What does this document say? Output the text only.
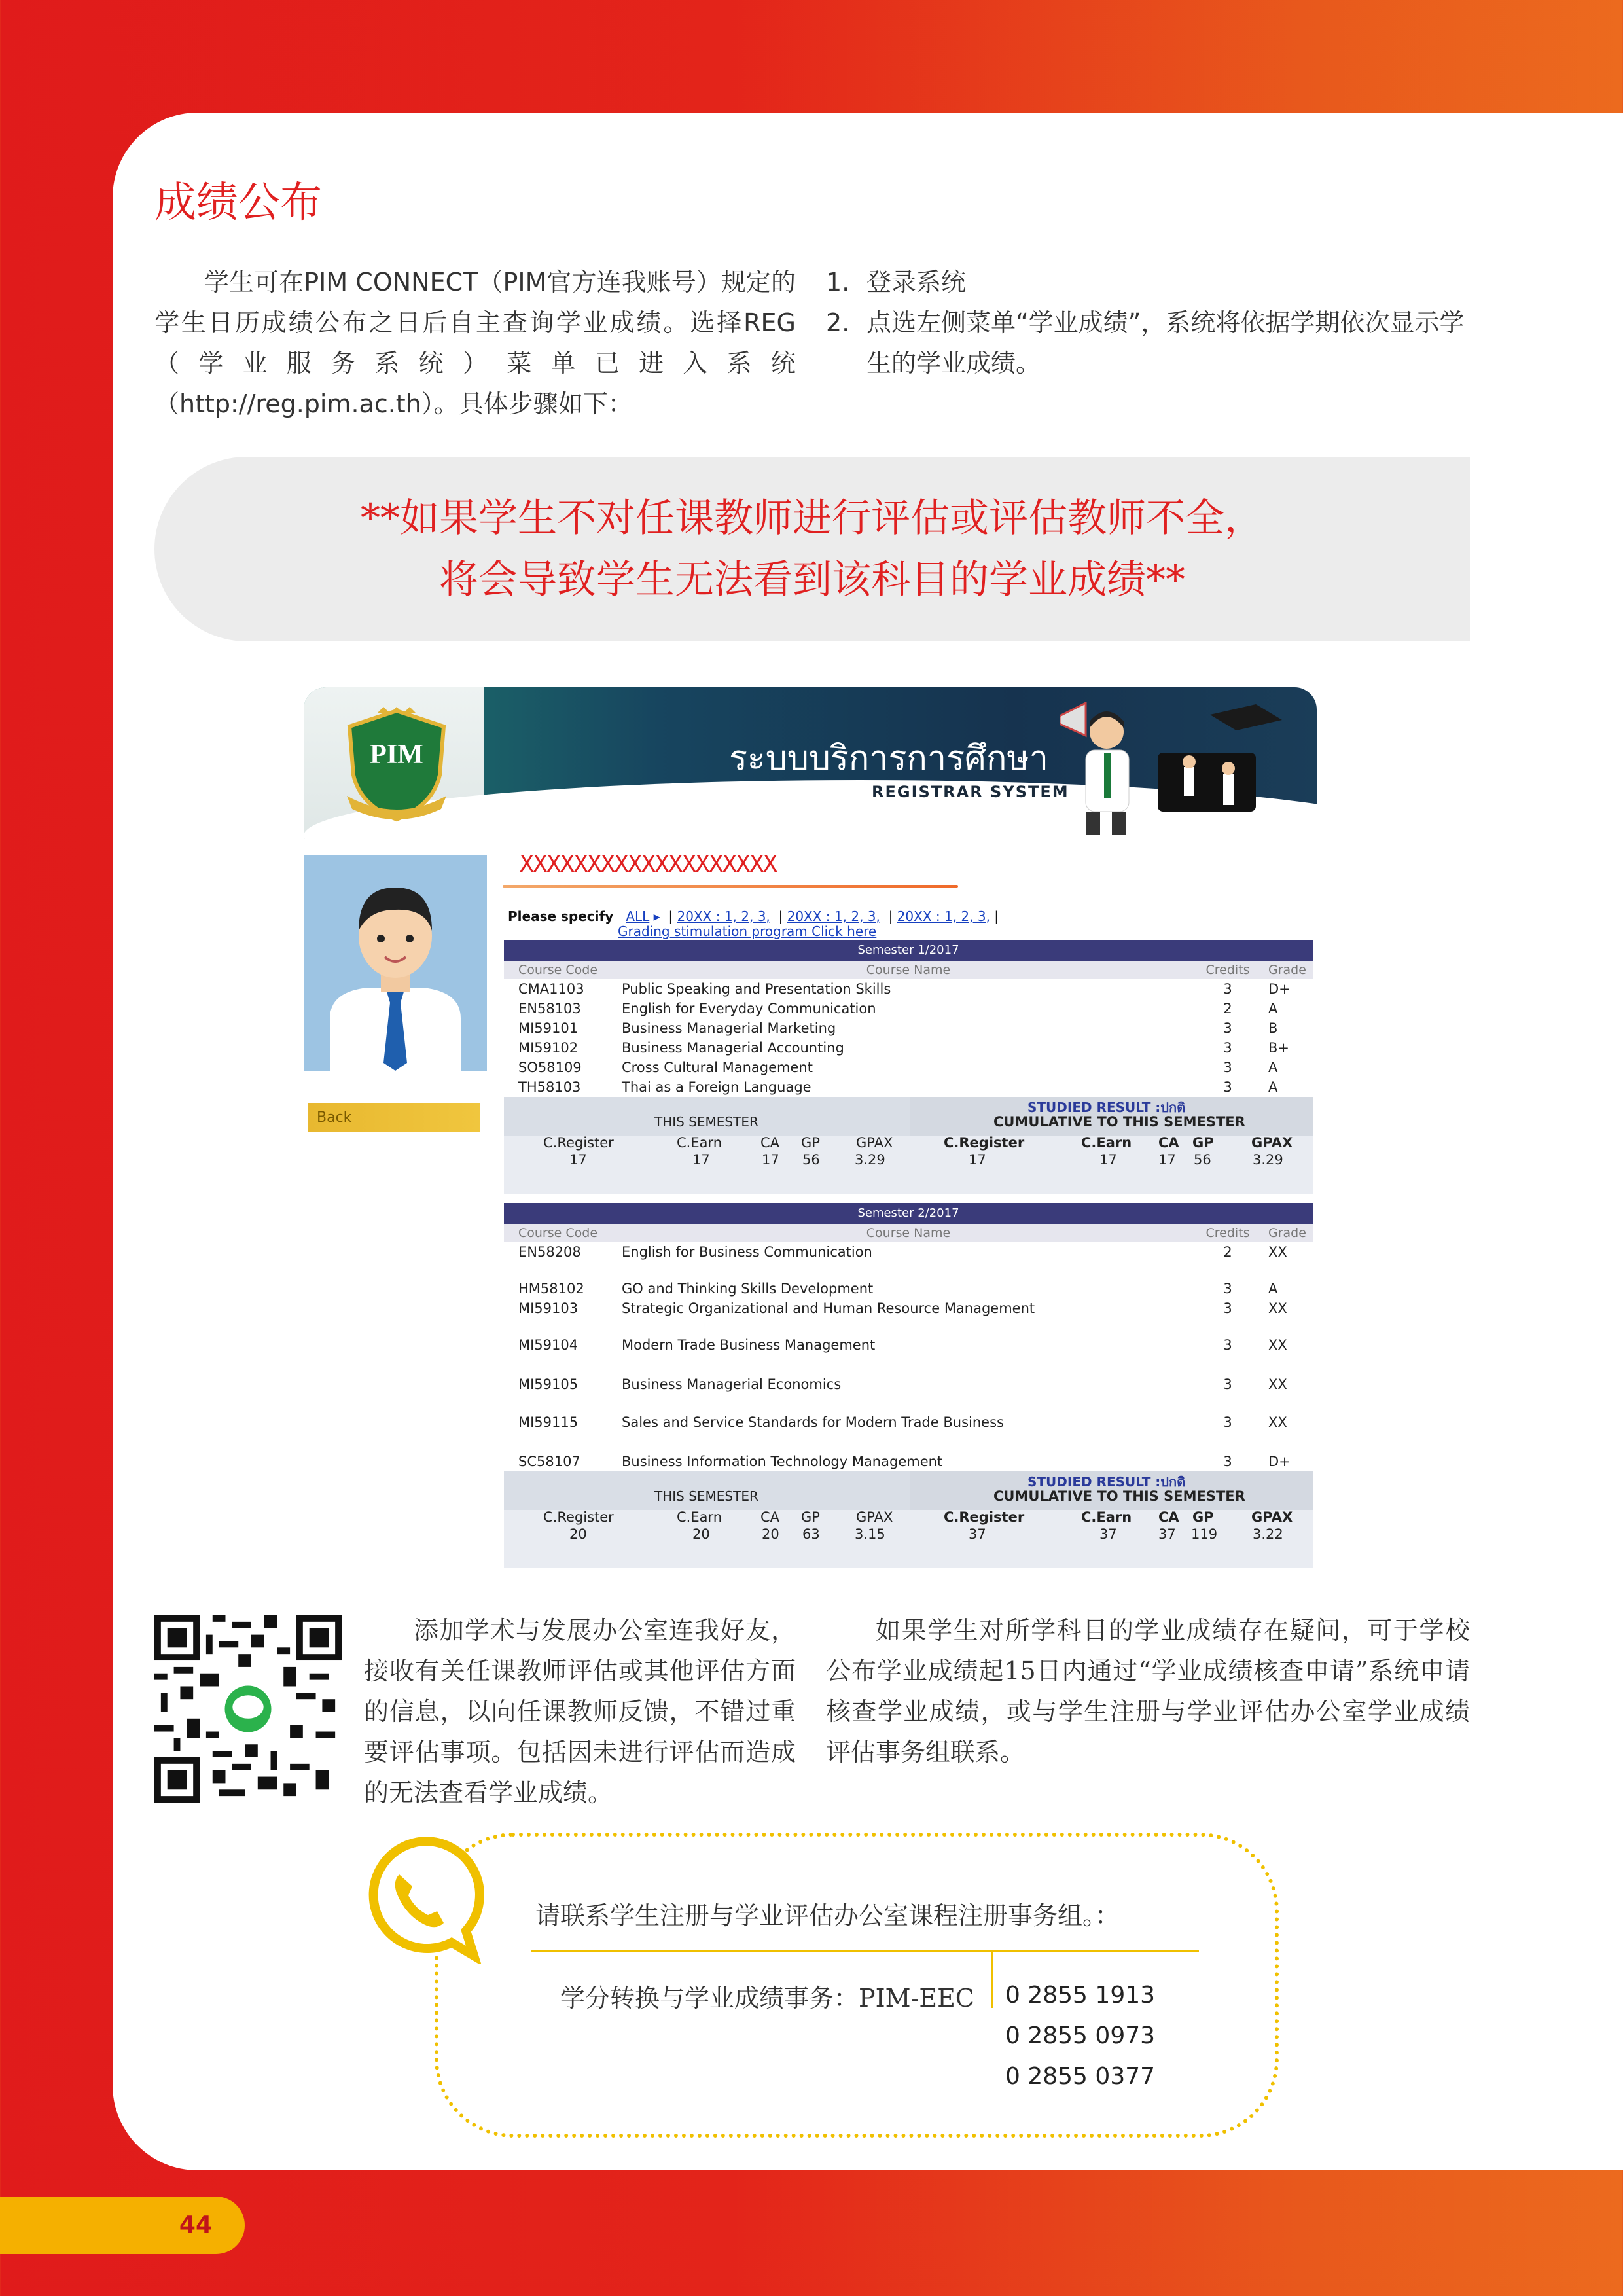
成绩公布
学生可在PIM CONNECT（PIM官方连我账号）规定的学生日历成绩公布之日后自主查询学业成绩。选择REG（学业服务系统）菜单已进入系统（http://reg.pim.ac.th）。具体步骤如下：
1. 登录系统
2. 点选左侧菜单“学业成绩”，系统将依据学期依次显示学生的学业成绩。
**如果学生不对任课教师进行评估或评估教师不全，
将会导致学生无法看到该科目的学业成绩**
PIM	ระบบบริการการศึกษา
REGISTRAR SYSTEM
Back
XXXXXXXXXXXXXXXXXXX
Please specify ALL ▸  | 20XX : 1, 2, 3,  | 20XX : 1, 2, 3,  | 20XX : 1, 2, 3, |
Grading stimulation program Click here
Semester 1/2017
Course Code	Course Name	Credits	Grade
CMA1103	Public Speaking and Presentation Skills	3	D+
EN58103	English for Everyday Communication	2	A
MI59101	Business Managerial Marketing	3	B
MI59102	Business Managerial Accounting	3	B+
SO58109	Cross Cultural Management	3	A
TH58103	Thai as a Foreign Language	3	A
STUDIED RESULT :ปกติ
THIS SEMESTER	CUMULATIVE TO THIS SEMESTER
C.Register	C.Earn	CA GP	GPAX	C.Register	C.Earn CA GP	GPAX
17	17	17 56	3.29	17	17	17 56	3.29
Semester 2/2017
Course Code	Course Name	Credits	Grade
EN58208	English for Business Communication	2	XX
HM58102	GO and Thinking Skills Development	3	A
MI59103	Strategic Organizational and Human Resource Management	3	XX
MI59104	Modern Trade Business Management	3	XX
MI59105	Business Managerial Economics	3	XX
MI59115	Sales and Service Standards for Modern Trade Business	3	XX
SC58107	Business Information Technology Management	3	D+
STUDIED RESULT :ปกติ
THIS SEMESTER	CUMULATIVE TO THIS SEMESTER
C.Register	C.Earn	CA GP	GPAX	C.Register	C.Earn CA GP	GPAX
20	20	20 63	3.15	37	37	37 119	3.22
添加学术与发展办公室连我好友，接收有关任课教师评估或其他评估方面的信息，以向任课教师反馈，不错过重要评估事项。包括因未进行评估而造成的无法查看学业成绩。
如果学生对所学科目的学业成绩存在疑问，可于学校公布学业成绩起15日内通过“学业成绩核查申请”系统申请核查学业成绩，或与学生注册与学业评估办公室学业成绩评估事务组联系。
请联系学生注册与学业评估办公室课程注册事务组。：
学分转换与学业成绩事务：PIM-EEC 0 2855 1913
0 2855 0973
0 2855 0377
44
